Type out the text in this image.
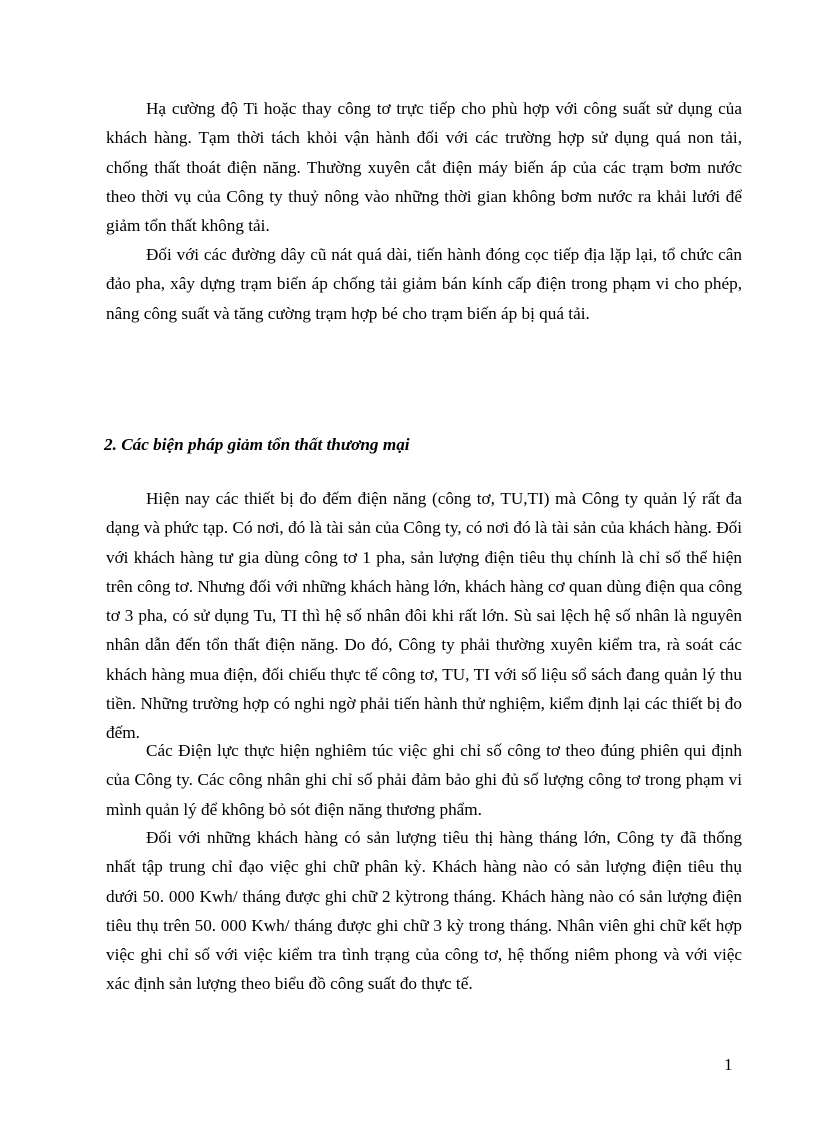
Hạ cường độ Ti hoặc thay công tơ trực tiếp cho phù hợp với công suất sử dụng của khách hàng. Tạm thời tách khỏi vận hành đối với các trường hợp sử dụng quá non tải, chống thất thoát điện năng. Thường xuyên cắt điện máy biến áp của các trạm bơm nước theo thời vụ của Công ty thuỷ nông vào những thời gian không bơm nước ra khải lưới để giảm tổn thất không tải.

Đối với các đường dây cũ nát quá dài, tiến hành đóng cọc tiếp địa lặp lại, tổ chức cân đảo pha, xây dựng trạm biến áp chống tải giảm bán kính cấp điện trong phạm vi cho phép, nâng công suất và tăng cường trạm hợp bé cho trạm biến áp bị quá tải.

2. Các biện pháp giảm tổn thất thương mại

Hiện nay các thiết bị đo đếm điện năng (công tơ, TU,TI) mà Công ty quản lý rất đa dạng và phức tạp. Có nơi, đó là tài sản của Công ty, có nơi đó là tài sản của khách hàng. Đối với khách hàng tư gia dùng công tơ 1 pha, sản lượng điện tiêu thụ chính là chỉ số thể hiện trên công tơ. Nhưng đối với những khách hàng lớn, khách hàng cơ quan dùng điện qua công tơ 3 pha, có sử dụng Tu, TI thì hệ số nhân đôi khi rất lớn. Sù sai lệch hệ số nhân là nguyên nhân dẫn đến tổn thất điện năng. Do đó, Công ty phải thường xuyên kiểm tra, rà soát các khách hàng mua điện, đối chiếu thực tế công tơ, TU, TI với số liệu sổ sách đang quản lý thu tiền. Những trường hợp có nghi ngờ phải tiến hành thử nghiệm, kiểm định lại các thiết bị đo đếm.

Các Điện lực thực hiện nghiêm túc việc ghi chỉ số công tơ theo đúng phiên qui định của Công ty. Các công nhân ghi chỉ số phải đảm bảo ghi đủ số lượng công tơ trong phạm vi mình quản lý để không bỏ sót điện năng thương phẩm.

Đối với những khách hàng có sản lượng tiêu thị hàng tháng lớn, Công ty đã thống nhất tập trung chỉ đạo việc ghi chữ phân kỳ. Khách hàng nào có sản lượng điện tiêu thụ dưới 50. 000 Kwh/ tháng được ghi chữ 2 kỳtrong tháng. Khách hàng nào có sản lượng điện tiêu thụ trên 50. 000 Kwh/ tháng được ghi chữ 3 kỳ trong tháng. Nhân viên ghi chữ kết hợp việc ghi chỉ số với việc kiểm tra tình trạng của công tơ, hệ thống niêm phong và với việc xác định sản lượng theo biểu đồ công suất đo thực tế.

1
